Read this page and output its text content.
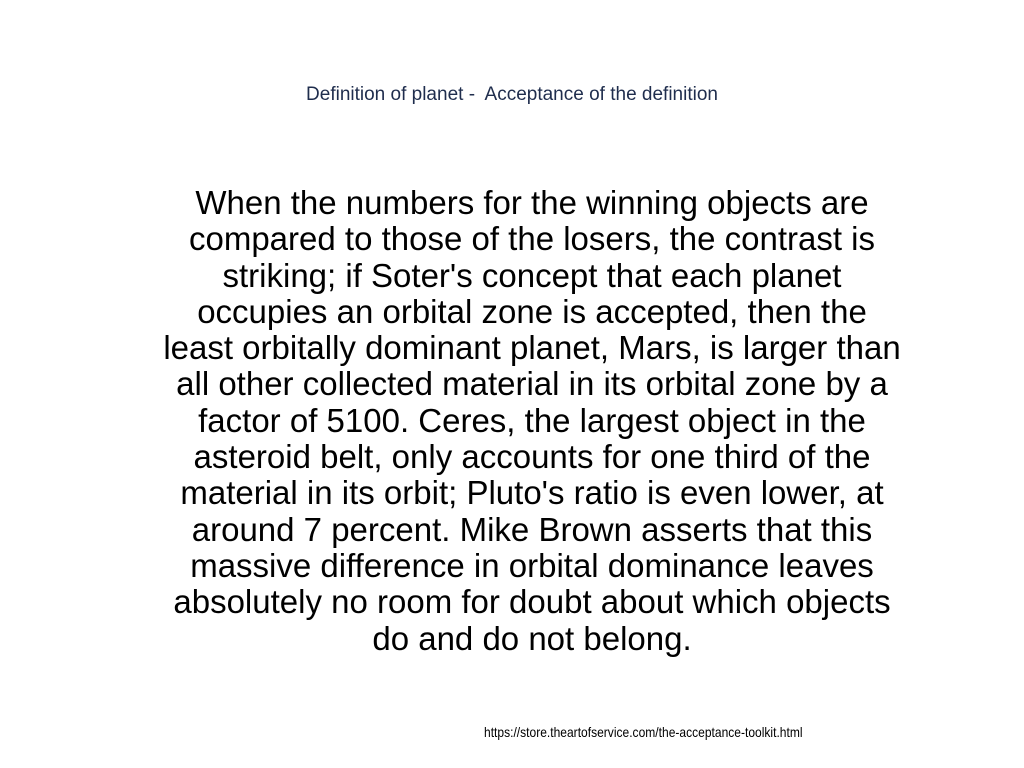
Definition of planet -  Acceptance of the definition
When the numbers for the winning objects are
compared to those of the losers, the contrast is
striking; if Soter's concept that each planet
occupies an orbital zone is accepted, then the
least orbitally dominant planet, Mars, is larger than
all other collected material in its orbital zone by a
factor of 5100. Ceres, the largest object in the
asteroid belt, only accounts for one third of the
material in its orbit; Pluto's ratio is even lower, at
around 7 percent. Mike Brown asserts that this
massive difference in orbital dominance leaves
absolutely no room for doubt about which objects
do and do not belong.
https://store.theartofservice.com/the-acceptance-toolkit.html
